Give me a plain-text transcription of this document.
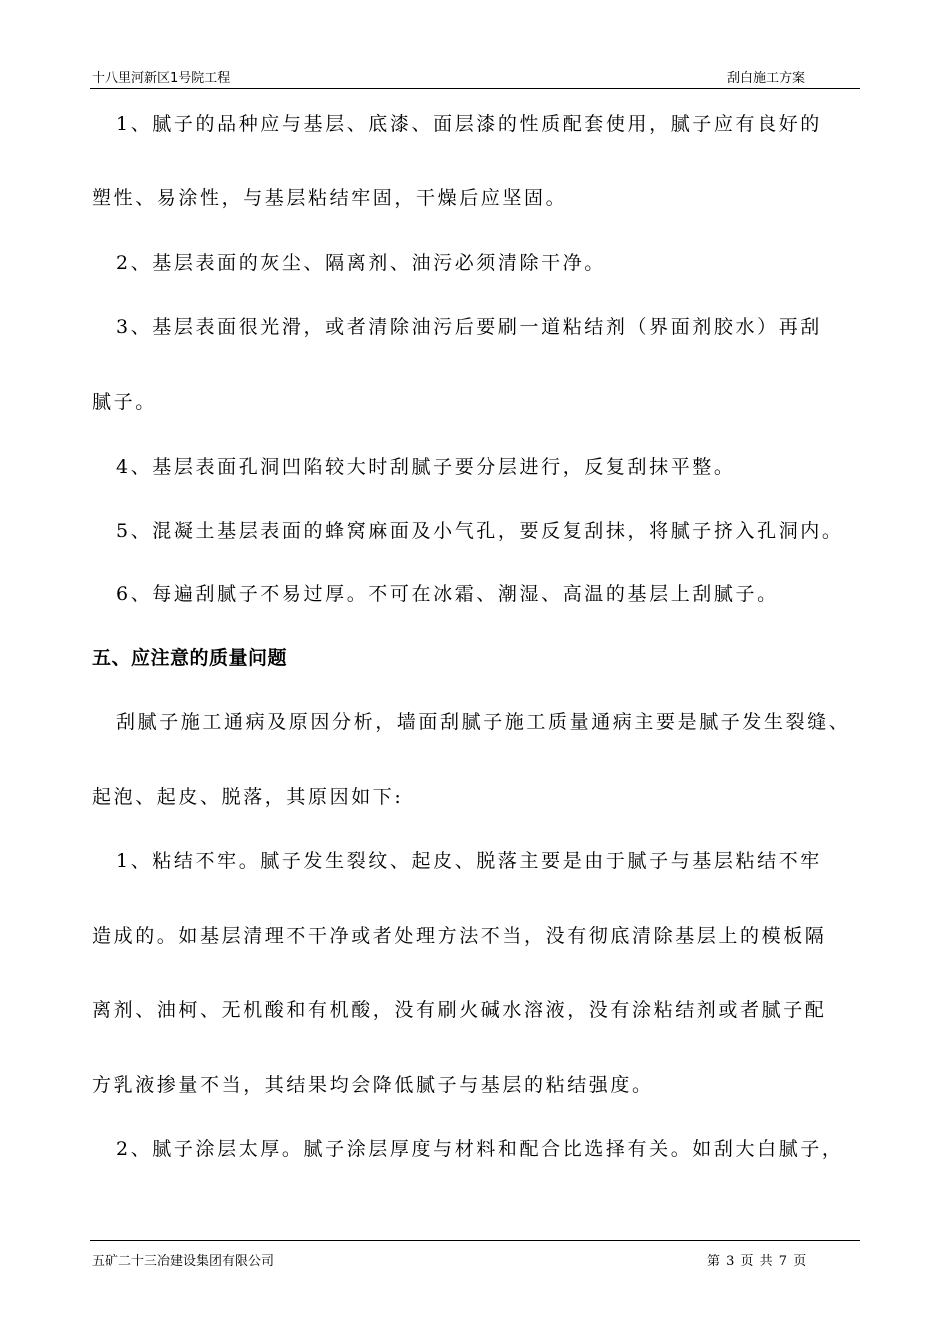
十八里河新区1号院工程	刮白施工方案
1、腻子的品种应与基层、底漆、面层漆的性质配套使用，腻子应有良好的
塑性、易涂性，与基层粘结牢固，干燥后应坚固。
2、基层表面的灰尘、隔离剂、油污必须清除干净。
3、基层表面很光滑，或者清除油污后要刷一道粘结剂（界面剂胶水）再刮
腻子。
4、基层表面孔洞凹陷较大时刮腻子要分层进行，反复刮抹平整。
5、混凝土基层表面的蜂窝麻面及小气孔，要反复刮抹，将腻子挤入孔洞内。
6、每遍刮腻子不易过厚。不可在冰霜、潮湿、高温的基层上刮腻子。
五、应注意的质量问题
刮腻子施工通病及原因分析，墙面刮腻子施工质量通病主要是腻子发生裂缝、
起泡、起皮、脱落，其原因如下:
1、粘结不牢。腻子发生裂纹、起皮、脱落主要是由于腻子与基层粘结不牢
造成的。如基层清理不干净或者处理方法不当，没有彻底清除基层上的模板隔
离剂、油柯、无机酸和有机酸，没有刷火碱水溶液，没有涂粘结剂或者腻子配
方乳液掺量不当，其结果均会降低腻子与基层的粘结强度。
2、腻子涂层太厚。腻子涂层厚度与材料和配合比选择有关。如刮大白腻子，
五矿二十三冶建设集团有限公司	第 3 页 共 7 页
